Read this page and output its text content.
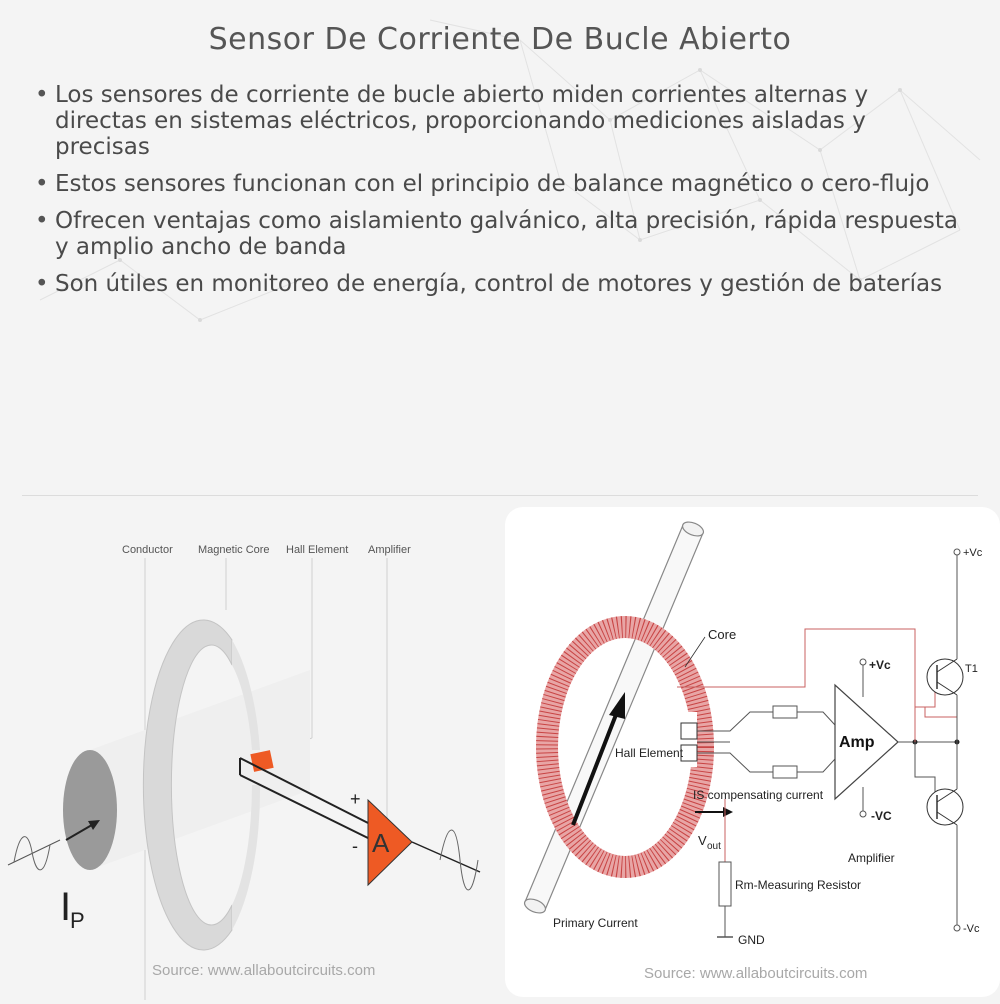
Sensor De Corriente De Bucle Abierto
• Los sensores de corriente de bucle abierto miden corrientes alternas y directas en sistemas eléctricos, proporcionando mediciones aisladas y precisas
• Estos sensores funcionan con el principio de balance magnético o cero-flujo
• Ofrecen ventajas como aislamiento galvánico, alta precisión, rápida respuesta y amplio ancho de banda
• Son útiles en monitoreo de energía, control de motores y gestión de baterías
Conductor Magnetic Core Hall Element Amplifier
A
+
-
I
P
Source: www.allaboutcircuits.com
Core
Hall Element
IS compensating current
V out
Primary Current
Amp
+Vc
-VC
Amplifier
T1
+Vc
-Vc
Rm-Measuring Resistor
GND
Source: www.allaboutcircuits.com
